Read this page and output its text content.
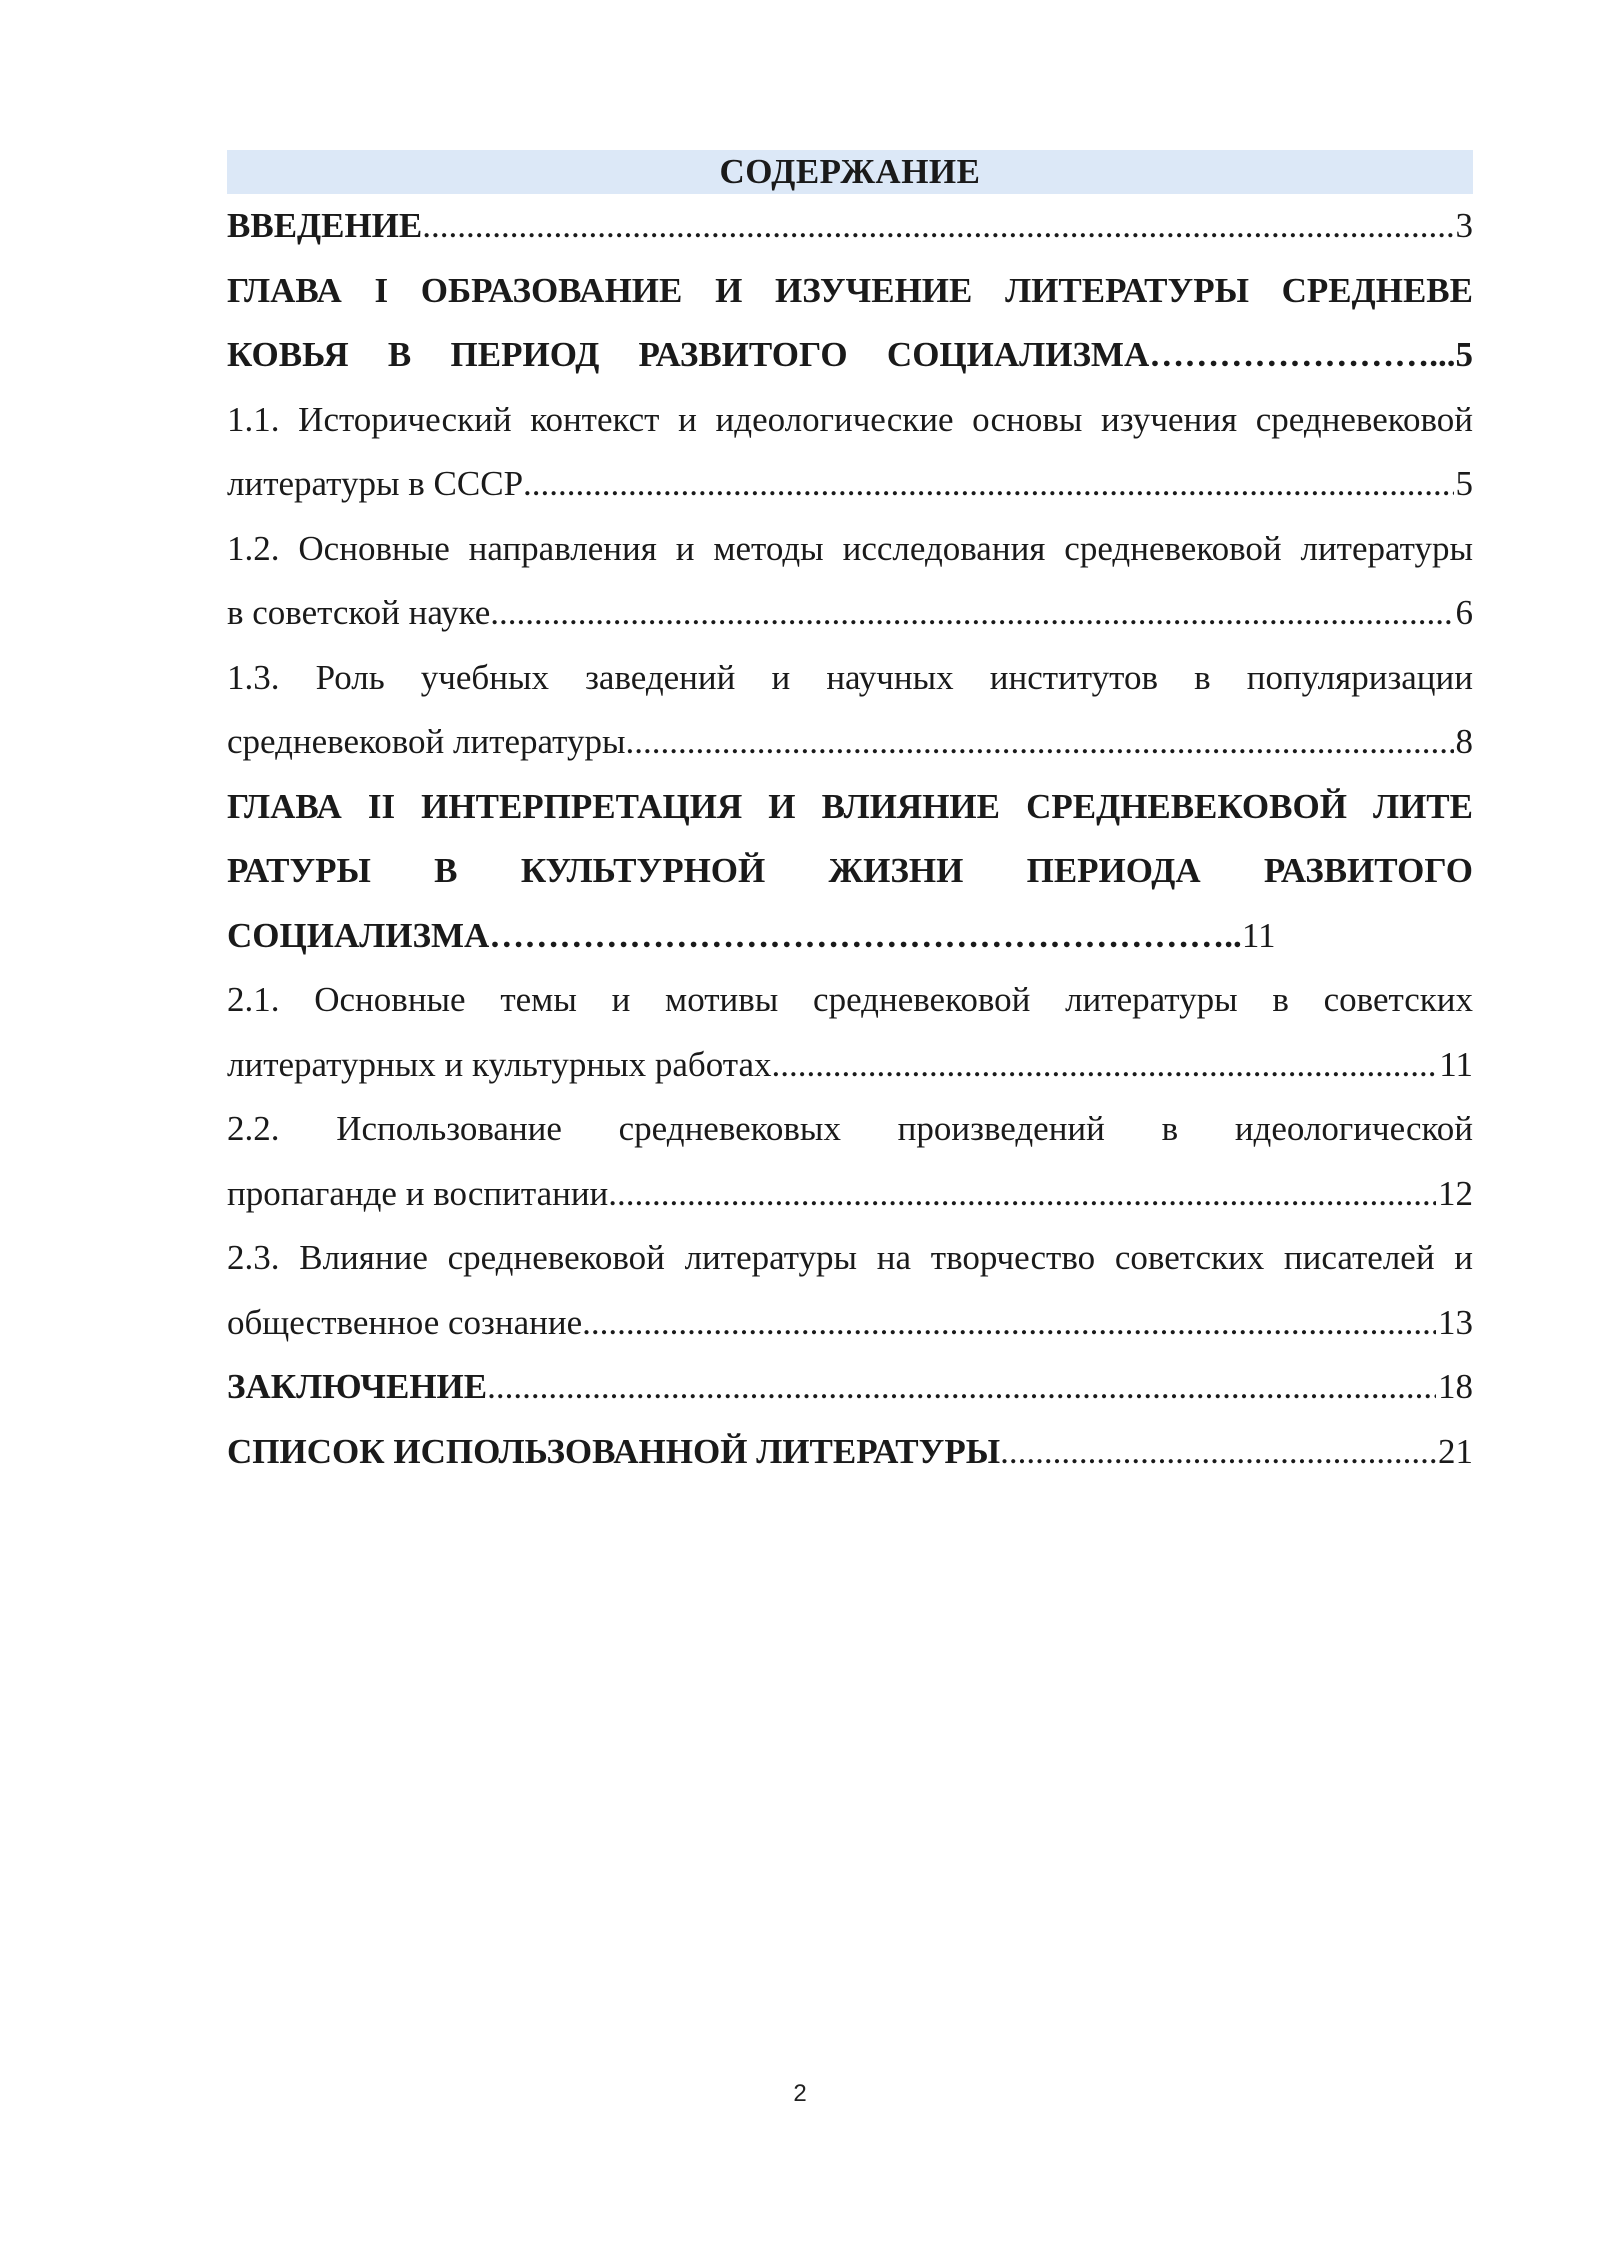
СОДЕРЖАНИЕ
ВВЕДЕНИЕ .....	3
ГЛАВА I ОБРАЗОВАНИЕ И ИЗУЧЕНИЕ ЛИТЕРАТУРЫ СРЕДНЕВЕ
КОВЬЯ В ПЕРИОД РАЗВИТОГО СОЦИАЛИЗМА……………………...5
1.1. Исторический контекст и идеологические основы изучения средневековой
литературы в СССР .....	5
1.2. Основные направления и методы исследования средневековой литературы
в советской науке .....	6
1.3. Роль учебных заведений и научных институтов в популяризации
средневековой литературы .....	8
ГЛАВА II ИНТЕРПРЕТАЦИЯ И ВЛИЯНИЕ СРЕДНЕВЕКОВОЙ ЛИТЕ
РАТУРЫ В КУЛЬТУРНОЙ ЖИЗНИ ПЕРИОДА РАЗВИТОГО
СОЦИАЛИЗМА………………………………………………………..11
2.1. Основные темы и мотивы средневековой литературы в советских
литературных и культурных работах .....	11
2.2. Использование средневековых произведений в идеологической
пропаганде и воспитании .....	12
2.3. Влияние средневековой литературы на творчество советских писателей и
общественное сознание .....	13
ЗАКЛЮЧЕНИЕ .....	18
СПИСОК ИСПОЛЬЗОВАННОЙ ЛИТЕРАТУРЫ .....	21
2
